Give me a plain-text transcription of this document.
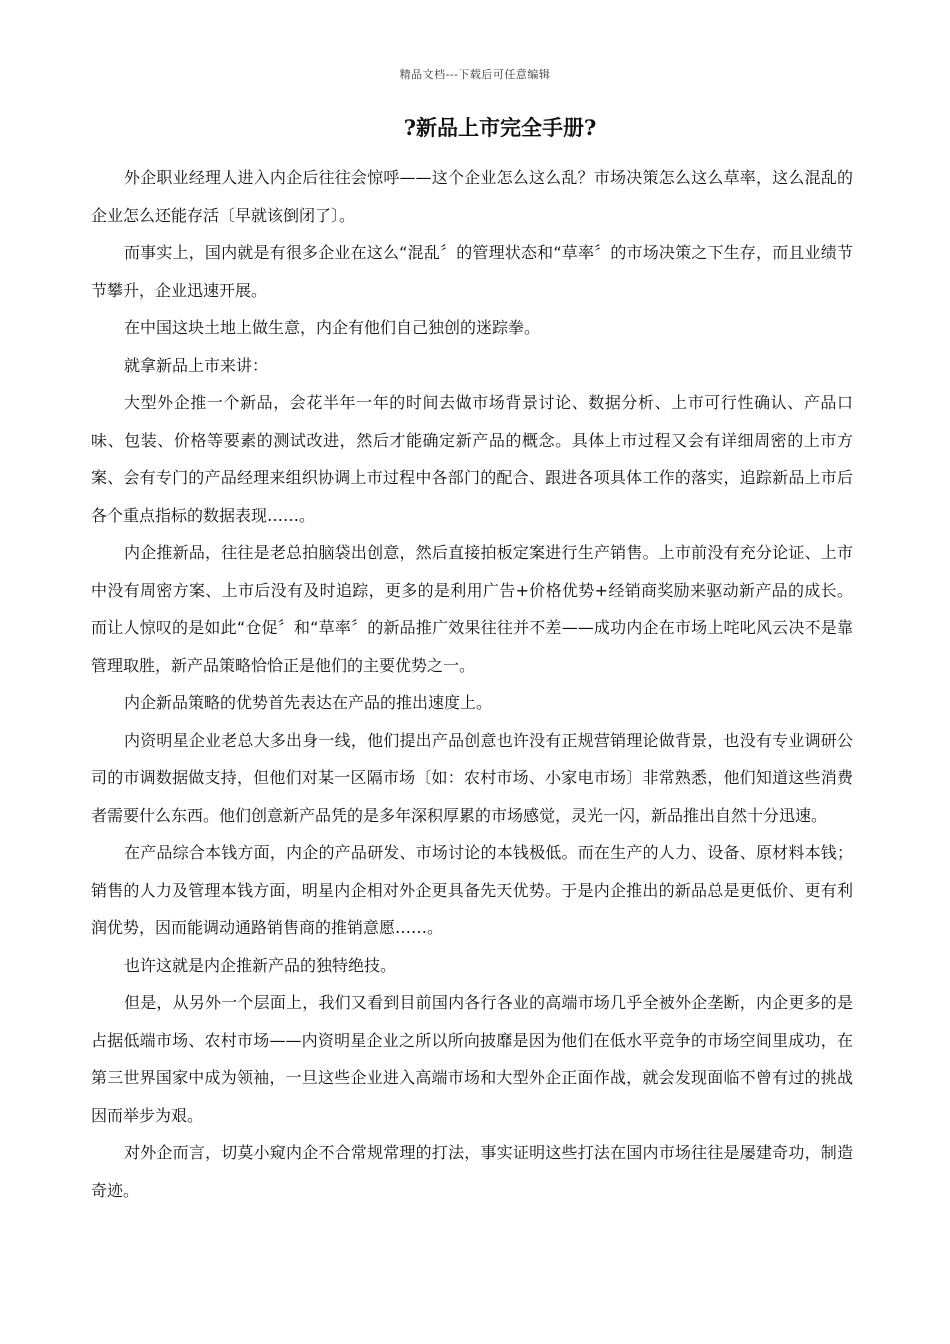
精品文档---下载后可任意编辑
?新品上市完全手册?

外企职业经理人进入内企后往往会惊呼——这个企业怎么这么乱？市场决策怎么这么草率，这么混乱的企业怎么还能存活〔早就该倒闭了〕。

而事实上，国内就是有很多企业在这么“混乱〞的管理状态和“草率〞的市场决策之下生存，而且业绩节节攀升，企业迅速开展。

在中国这块土地上做生意，内企有他们自己独创的迷踪拳。

就拿新品上市来讲：

大型外企推一个新品，会花半年一年的时间去做市场背景讨论、数据分析、上市可行性确认、产品口味、包装、价格等要素的测试改进，然后才能确定新产品的概念。具体上市过程又会有详细周密的上市方案、会有专门的产品经理来组织协调上市过程中各部门的配合、跟进各项具体工作的落实，追踪新品上市后各个重点指标的数据表现……。

内企推新品，往往是老总拍脑袋出创意，然后直接拍板定案进行生产销售。上市前没有充分论证、上市中没有周密方案、上市后没有及时追踪，更多的是利用广告+价格优势+经销商奖励来驱动新产品的成长。而让人惊叹的是如此“仓促〞和“草率〞的新品推广效果往往并不差——成功内企在市场上咤叱风云决不是靠管理取胜，新产品策略恰恰正是他们的主要优势之一。

内企新品策略的优势首先表达在产品的推出速度上。

内资明星企业老总大多出身一线，他们提出产品创意也许没有正规营销理论做背景，也没有专业调研公司的市调数据做支持，但他们对某一区隔市场〔如：农村市场、小家电市场〕非常熟悉，他们知道这些消费者需要什么东西。他们创意新产品凭的是多年深积厚累的市场感觉，灵光一闪，新品推出自然十分迅速。

在产品综合本钱方面，内企的产品研发、市场讨论的本钱极低。而在生产的人力、设备、原材料本钱；销售的人力及管理本钱方面，明星内企相对外企更具备先天优势。于是内企推出的新品总是更低价、更有利润优势，因而能调动通路销售商的推销意愿……。

也许这就是内企推新产品的独特绝技。

但是，从另外一个层面上，我们又看到目前国内各行各业的高端市场几乎全被外企垄断，内企更多的是占据低端市场、农村市场——内资明星企业之所以所向披靡是因为他们在低水平竞争的市场空间里成功，在第三世界国家中成为领袖，一旦这些企业进入高端市场和大型外企正面作战，就会发现面临不曾有过的挑战因而举步为艰。

对外企而言，切莫小窥内企不合常规常理的打法，事实证明这些打法在国内市场往往是屡建奇功，制造奇迹。
